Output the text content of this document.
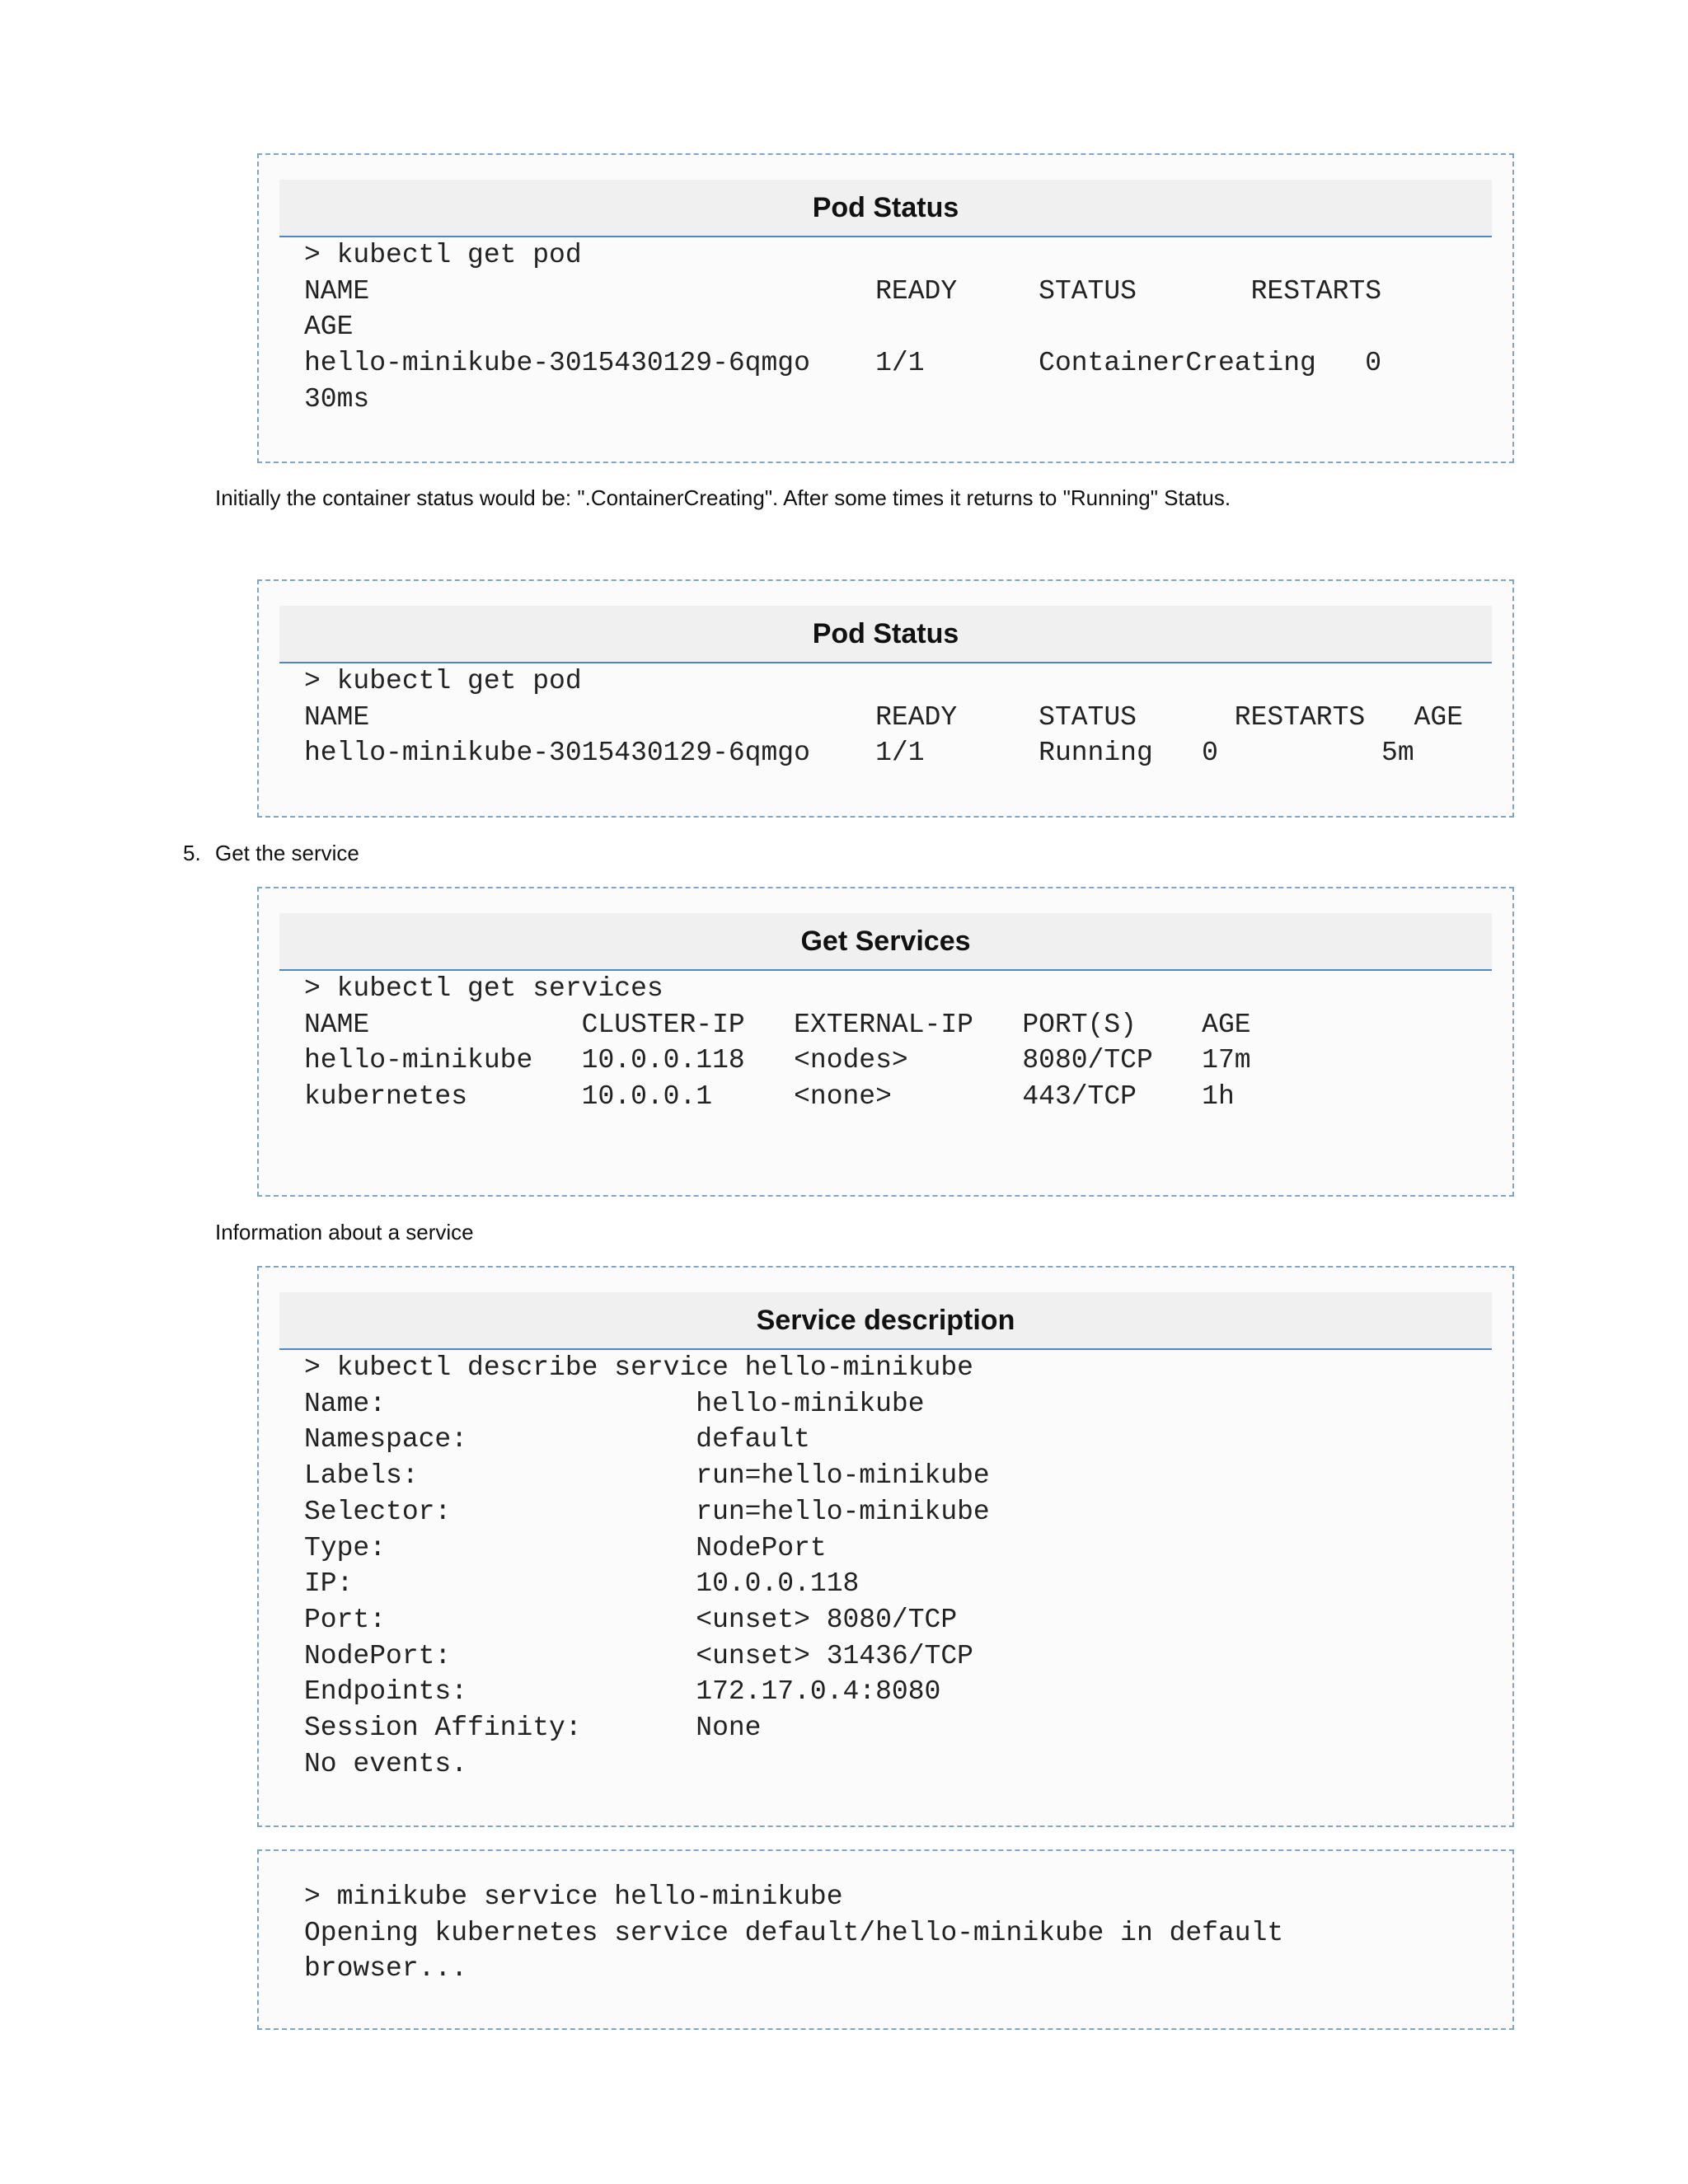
Pod Status
> kubectl get pod
NAME                               READY     STATUS       RESTARTS
AGE
hello-minikube-3015430129-6qmgo    1/1       ContainerCreating   0
30ms

Initially the container status would be: ".ContainerCreating". After some times it returns to "Running" Status.

Pod Status
> kubectl get pod
NAME                               READY     STATUS      RESTARTS   AGE
hello-minikube-3015430129-6qmgo    1/1       Running   0          5m

5. Get the service

Get Services
> kubectl get services
NAME             CLUSTER-IP   EXTERNAL-IP   PORT(S)    AGE
hello-minikube   10.0.0.118   <nodes>       8080/TCP   17m
kubernetes       10.0.0.1     <none>        443/TCP    1h

Information about a service

Service description
> kubectl describe service hello-minikube
Name:                   hello-minikube
Namespace:              default
Labels:                 run=hello-minikube
Selector:               run=hello-minikube
Type:                   NodePort
IP:                     10.0.0.118
Port:                   <unset> 8080/TCP
NodePort:               <unset> 31436/TCP
Endpoints:              172.17.0.4:8080
Session Affinity:       None
No events.
> minikube service hello-minikube
Opening kubernetes service default/hello-minikube in default
browser...
